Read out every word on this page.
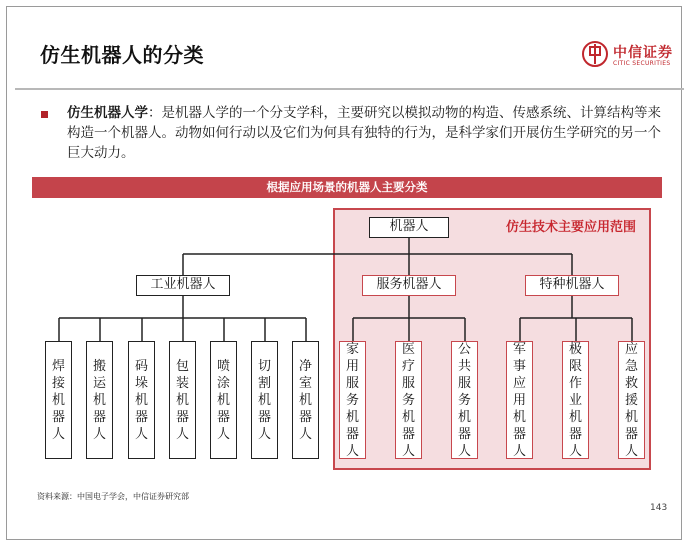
仿生机器人的分类	中信证券
CITIC SECURITIES
仿生机器人学：是机器人学的一个分支学科，主要研究以模拟动物的构造、传感系统、计算结构等来构造一个机器人。动物如何行动以及它们为何具有独特的行为，是科学家们开展仿生学研究的另一个巨大动力。
根据应用场景的机器人主要分类
仿生技术主要应用范围
机器人
工业机器人	服务机器人	特种机器人
焊接机器人
搬运机器人
码垛机器人
包装机器人
喷涂机器人
切割机器人
净室机器人
家用服务机器人
医疗服务机器人
公共服务机器人
军事应用机器人
极限作业机器人
应急救援机器人
资料来源：中国电子学会，中信证券研究部
143
